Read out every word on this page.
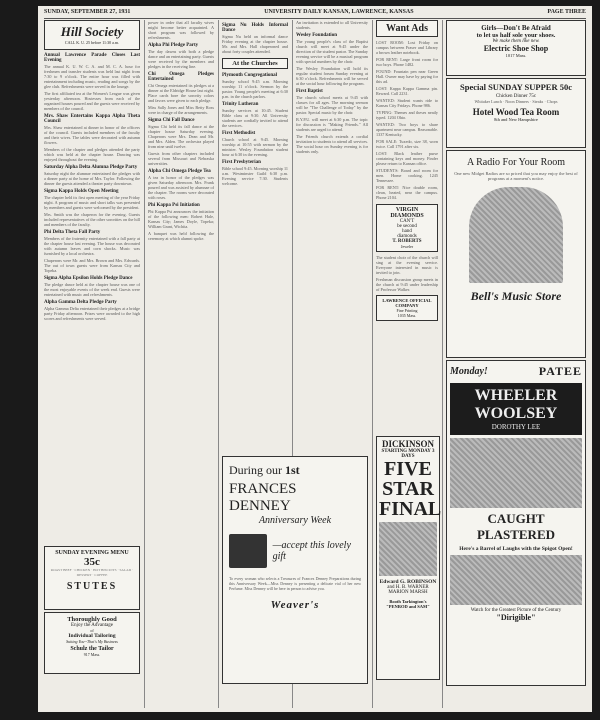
SUNDAY, SEPTEMBER 27, 1931	UNIVERSITY DAILY KANSAN, LAWRENCE, KANSAS	PAGE THREE
Hill Society
CALL K. U. 25 before 11:30 a.m.
Annual Lawrence Parade Closes Last Evening

The annual K. U. W. C. A. and M. C. A. hour for freshmen and transfer students was held last night from 7:30 to 9 o'clock. The entire hour was filled with entertainment including music, reading and songs by the glee club. Refreshments were served in the lounge.

The first affiliated tea at the Women's League was given yesterday afternoon. Hostesses from each of the organized houses poured and the guests were received by members of the council.

Mrs. Shaw Entertains Kappa Alpha Theta Council

Mrs. Shaw entertained at dinner in honor of the officers of the council. Guests included members of the faculty and their wives. The tables were decorated with autumn flowers.

Members of the chapter and pledges attended the party which was held at the chapter house. Dancing was enjoyed throughout the evening.

Saturday Alpha Delta Alumna Pledge Party

Saturday night the alumnae entertained the pledges with a dinner party at the home of Mrs. Taylor. Following the dinner the guests attended a theater party downtown.

Sigma Kappa Holds Open Meeting

The chapter held its first open meeting of the year Friday night. A program of music and short talks was presented by members and guests were welcomed by the president.

Mrs. Smith was the chaperon for the evening. Guests included representatives of the other sororities on the hill and members of the faculty.

Phi Delta Theta Fall Party

Members of the fraternity entertained with a fall party at the chapter house last evening. The house was decorated with autumn leaves and corn shocks. Music was furnished by a local orchestra.

Chaperons were Mr. and Mrs. Brown and Mrs. Edwards. The out of town guests were from Kansas City and Topeka.

Sigma Alpha Epsilon Holds Pledge Dance

The pledge dance held at the chapter house was one of the most enjoyable events of the week end. Guests were entertained with music and refreshments.

Alpha Gamma Delta Pledge Party

Alpha Gamma Delta entertained their pledges at a bridge party Friday afternoon. Prizes were awarded to the high scores and refreshments were served.

SUNDAY EVENING MENU
35c
ROAST BEEF · CHICKEN · HOT BISCUITS · SALAD · DESSERT · COFFEE
STUTES
Thoroughly Good
Enjoy the Advantage
of
Individual Tailoring
Suiting You--That's My Business
Schulz the Tailor
917 Mass.

power in order that all faculty wives might become better acquainted. A short program was followed by refreshments.

Alpha Phi Pledge Party

The day dawns with both a pledge dance and an entertaining party. Guests were received by the members and pledges in the receiving line.

Chi Omega Pledges Entertained

Chi Omega entertained its pledges at a dinner at the Eldridge House last night. Place cards bore the sorority colors and favors were given to each pledge.

Miss Sally Jones and Miss Betty Ross were in charge of the arrangements.

Sigma Chi Fall Dance

Sigma Chi held its fall dance at the chapter house Saturday evening. Chaperons were Mrs. Dean and Mr. and Mrs. Alden. The orchestra played from nine until twelve.

Guests from other chapters included several from Missouri and Nebraska universities.

Alpha Chi Omega Pledge Tea

A tea in honor of the pledges was given Saturday afternoon. Mrs. Frank poured and was assisted by alumnae of the chapter. The rooms were decorated with roses.

Phi Kappa Psi Initiation

Phi Kappa Psi announces the initiation of the following men: Robert Hale, Kansas City; James Doyle, Topeka; William Grant, Wichita.

A banquet was held following the ceremony at which alumni spoke.

Sigma Nu Holds Informal Dance

Sigma Nu held an informal dance Friday evening at the chapter house. Mr. and Mrs. Hall chaperoned and about forty couples attended.

At the Churches
Plymouth Congregational

Sunday school 9:45 a.m. Morning worship 11 o'clock. Sermon by the pastor. Young people's meeting at 6:30 p.m. in the church parlors.

Trinity Lutheran

Sunday services at 10:45. Student Bible class at 9:30. All University students are cordially invited to attend the services.

First Methodist

Church school at 9:45. Morning worship at 10:55 with sermon by the minister. Wesley Foundation student hour at 6:30 in the evening.

First Presbyterian

Bible school 9:45. Morning worship 11 a.m. Westminster Guild 6:30 p.m. Evening service 7:30. Students welcome.

An invitation is extended to all University students.

Wesley Foundation

The young people's class of the Baptist church will meet at 9:45 under the direction of the student pastor. The Sunday evening service will be a musical program with special numbers by the choir.

The Wesley Foundation will hold its regular student forum Sunday evening at 6:30 o'clock. Refreshments will be served at the social hour following the program.

First Baptist

The church school meets at 9:45 with classes for all ages. The morning sermon will be "The Challenge of Today" by the pastor. Special music by the choir.

B.Y.P.U. will meet at 6:30 p.m. The topic for discussion is "Making Friends." All students are urged to attend.

The Friends church extends a cordial invitation to students to attend all services. The social hour on Sunday evening is for students only.

During our 1st
FRANCES DENNEY
Anniversary Week
—accept this lovely gift
To every woman who selects a Treasures of Frances Denney Preparations during this Anniversary Week—Miss Denney is presenting a delicate vial of her new Perfume. Miss Denney will be here in person to advise you.
Weaver's
Want Ads

LOST ROOM: Lost Friday on campus between Fraser and Library a brown leather notebook.

FOR RENT: Large front room for two boys. Phone 1482.

FOUND: Fountain pen near Green Hall. Owner may have by paying for this ad.

LOST: Kappa Kappa Gamma pin. Reward. Call 2231.

WANTED: Student wants ride to Kansas City Fridays. Phone 986.

TYPING: Themes and theses neatly typed. 1204 Ohio.

WANTED: Two boys to share apartment near campus. Reasonable. 1337 Kentucky.

FOR SALE: Tuxedo, size 38, worn twice. Call 1791 after six.

LOST: Black leather purse containing keys and money. Finder please return to Kansan office.

STUDENTS: Board and room for men. Home cooking. 1245 Tennessee.

FOR RENT: Nice double room, clean, heated, near the campus. Phone 2104.

VIRGIN
DIAMONDS
CAN'T
be second
hand
diamonds
T. ROBERTS
Jeweler

The student choir of the church will sing at the evening service. Everyone interested in music is invited to join.

Freshman discussion group meets in the church at 9:45 under leadership of Professor Walker.

LAWRENCE OFFICIAL COMPANY
Fine Printing
1035 Mass.
DICKINSON
STARTING MONDAY 3 DAYS
FIVE
STAR
FINAL
Edward G. ROBINSON
and H. B. WARNER
MARION MARSH
Booth Tarkington's "PENROD and SAM"
Girls—Don't Be Afraid
to let us half sole your shoes.
We make them like new.
Electric Shoe Shop
1017 Mass.
Special SUNDAY SUPPER 50c
Chicken Dinner 75c
Whitaker Lunch · Noon Dinners · Steaks · Chops
Hotel Wood Tea Room
8th and New Hampshire
A Radio For Your Room
One new Midget Radios are so priced that you may enjoy the best of programs at a moment's notice.
Bell's Music Store
Monday!	PATEE
WHEELER
WOOLSEY
DOROTHY LEE
CAUGHT PLASTERED
Here's a Barrel of Laughs with the Spigot Open!
Watch for the Greatest Picture of the Century
"Dirigible"
